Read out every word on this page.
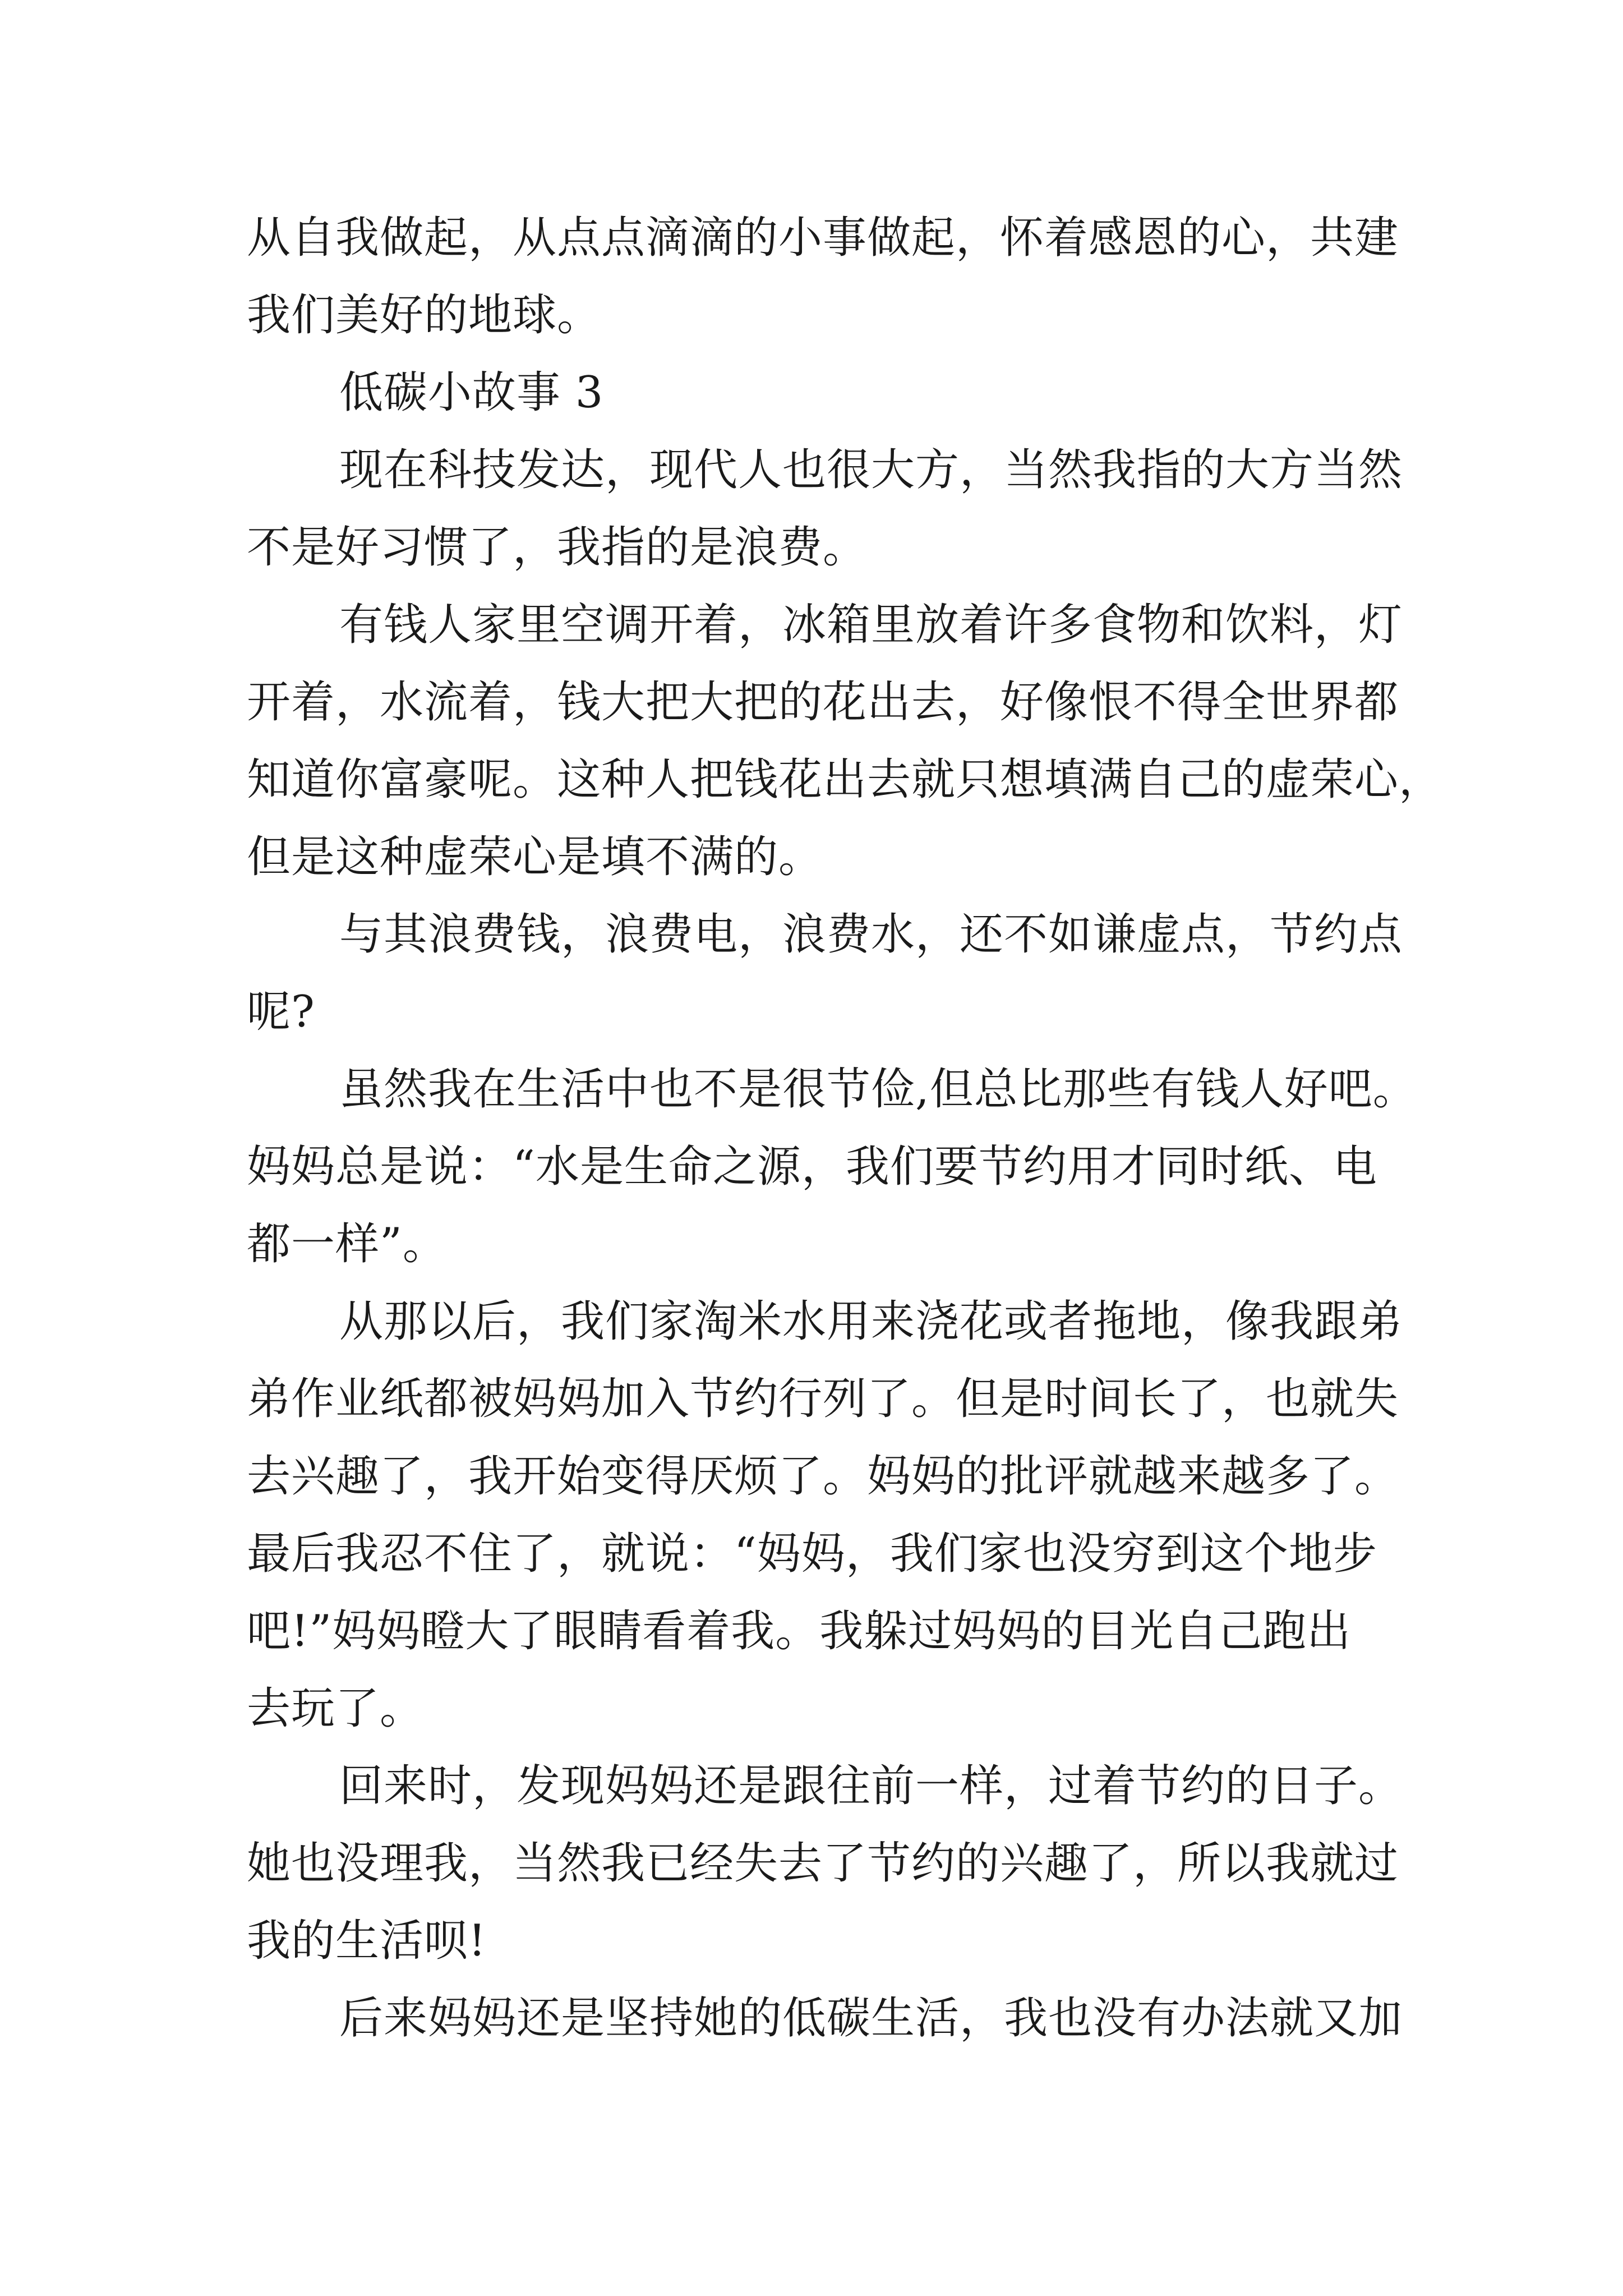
从自我做起，从点点滴滴的小事做起，怀着感恩的心，共建
我们美好的地球。
低碳小故事 3
现在科技发达，现代人也很大方，当然我指的大方当然
不是好习惯了，我指的是浪费。
有钱人家里空调开着，冰箱里放着许多食物和饮料，灯
开着，水流着，钱大把大把的花出去，好像恨不得全世界都
知道你富豪呢。这种人把钱花出去就只想填满自己的虚荣心，
但是这种虚荣心是填不满的。
与其浪费钱，浪费电，浪费水，还不如谦虚点，节约点
呢?
虽然我在生活中也不是很节俭,但总比那些有钱人好吧。
妈妈总是说：“水是生命之源，我们要节约用才同时纸、电
都一样”。
从那以后，我们家淘米水用来浇花或者拖地，像我跟弟
弟作业纸都被妈妈加入节约行列了。但是时间长了，也就失
去兴趣了，我开始变得厌烦了。妈妈的批评就越来越多了。
最后我忍不住了，就说：“妈妈，我们家也没穷到这个地步
吧!”妈妈瞪大了眼睛看着我。我躲过妈妈的目光自己跑出
去玩了。
回来时，发现妈妈还是跟往前一样，过着节约的日子。
她也没理我，当然我已经失去了节约的兴趣了，所以我就过
我的生活呗!
后来妈妈还是坚持她的低碳生活，我也没有办法就又加
